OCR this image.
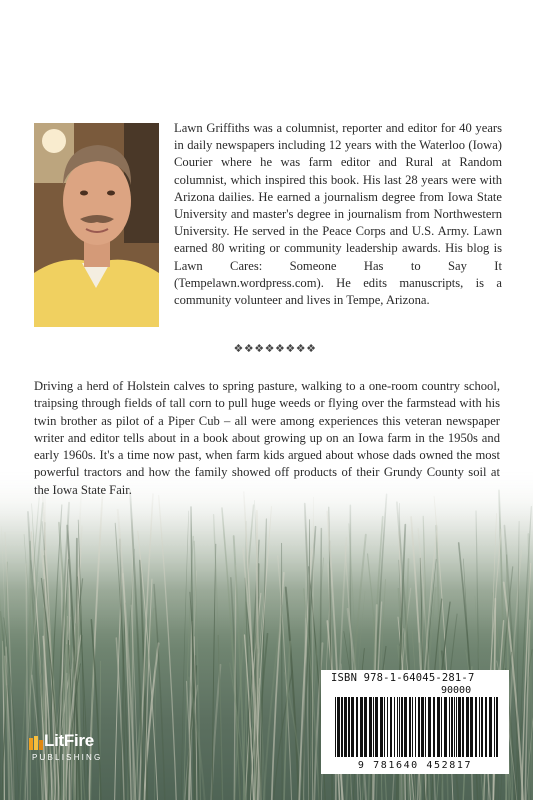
Lawn Griffiths was a columnist, reporter and editor for 40 years in daily newspapers including 12 years with the Waterloo (Iowa) Courier where he was farm editor and Rural at Random columnist, which inspired this book. His last 28 years were with Arizona dailies. He earned a journalism degree from Iowa State University and master's degree in journalism from Northwestern University. He served in the Peace Corps and U.S. Army. Lawn earned 80 writing or community leadership awards. His blog is Lawn Cares: Someone Has to Say It (Tempelawn.wordpress.com). He edits manuscripts, is a community volunteer and lives in Tempe, Arizona.
❖❖❖❖❖❖❖❖
Driving a herd of Holstein calves to spring pasture, walking to a one-room country school, traipsing through fields of tall corn to pull huge weeds or flying over the farmstead with his twin brother as pilot of a Piper Cub – all were among experiences this veteran newspaper writer and editor tells about in a book about growing up on an Iowa farm in the 1950s and early 1960s. It's a time now past, when farm kids argued about whose dads owned the most powerful tractors and how the family showed off products of their Grundy County soil at the Iowa State Fair.
ISBN 978-1-64045-281-7
90000
9 781640 452817
LitFire
PUBLISHING
